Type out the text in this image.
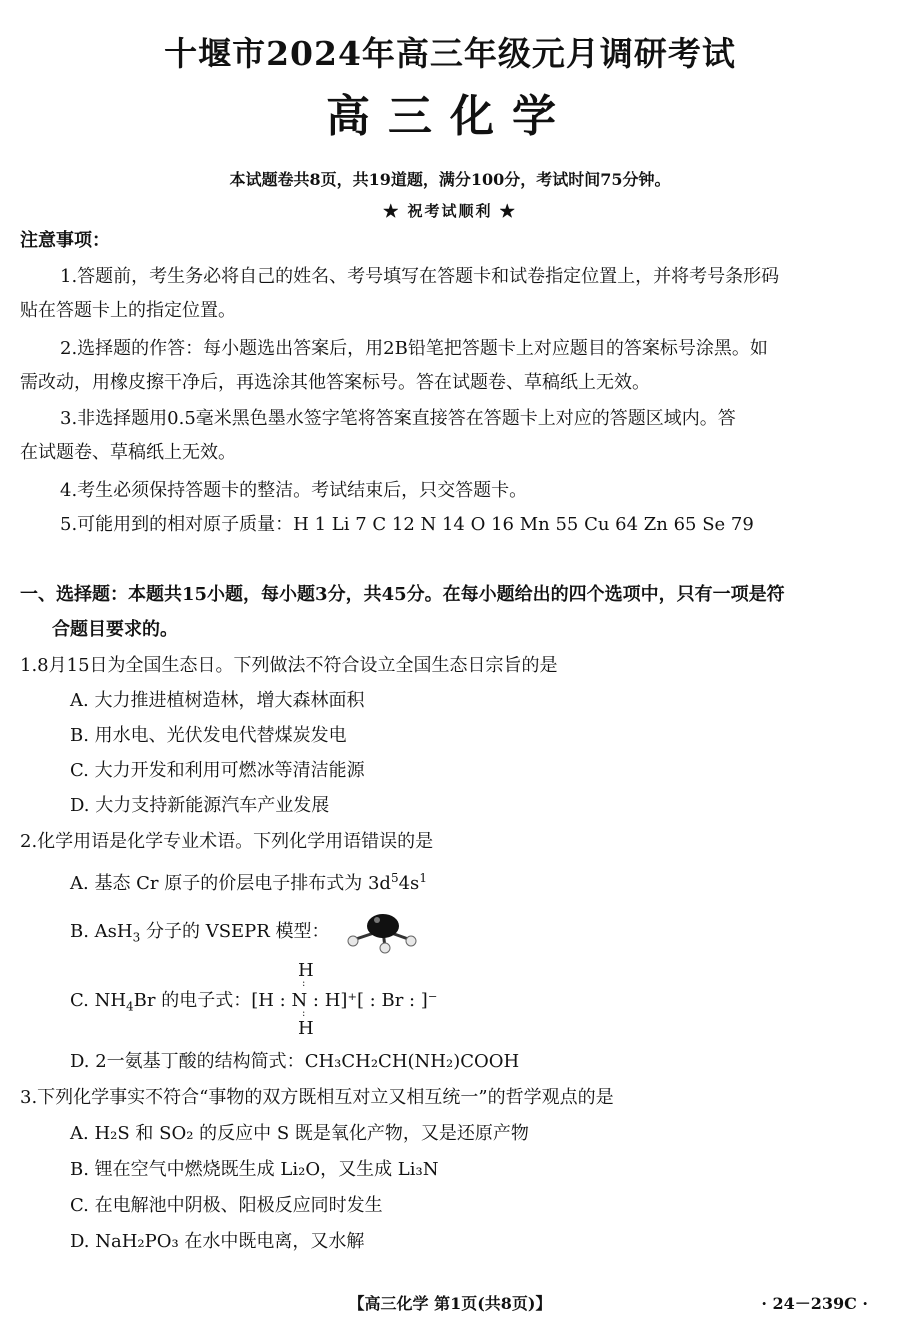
十堰市2024年高三年级元月调研考试
高三化学
本试题卷共8页，共19道题，满分100分，考试时间75分钟。
★ 祝考试顺利 ★
注意事项：
1.答题前，考生务必将自己的姓名、考号填写在答题卡和试卷指定位置上，并将考号条形码
贴在答题卡上的指定位置。
2.选择题的作答：每小题选出答案后，用2B铅笔把答题卡上对应题目的答案标号涂黑。如
需改动，用橡皮擦干净后，再选涂其他答案标号。答在试题卷、草稿纸上无效。
3.非选择题用0.5毫米黑色墨水签字笔将答案直接答在答题卡上对应的答题区域内。答
在试题卷、草稿纸上无效。
4.考生必须保持答题卡的整洁。考试结束后，只交答题卡。
5.可能用到的相对原子质量：H 1 Li 7 C 12 N 14 O 16 Mn 55 Cu 64 Zn 65 Se 79
一、选择题：本题共15小题，每小题3分，共45分。在每小题给出的四个选项中，只有一项是符
合题目要求的。
1.8月15日为全国生态日。下列做法不符合设立全国生态日宗旨的是
A. 大力推进植树造林，增大森林面积
B. 用水电、光伏发电代替煤炭发电
C. 大力开发和利用可燃冰等清洁能源
D. 大力支持新能源汽车产业发展
2.化学用语是化学专业术语。下列化学用语错误的是
A. 基态 Cr 原子的价层电子排布式为 $3d^54s^1$
B. AsH$_3$ 分子的 VSEPR 模型：
H
:
C. $NH_4Br$ 的电子式：[H : N : H]⁺[ : Br : ]⁻
:
H
D. 2一氨基丁酸的结构简式：CH₃CH₂CH(NH₂)COOH
3.下列化学事实不符合“事物的双方既相互对立又相互统一”的哲学观点的是
A. H₂S 和 SO₂ 的反应中 S 既是氧化产物，又是还原产物
B. 锂在空气中燃烧既生成 Li₂O，又生成 Li₃N
C. 在电解池中阴极、阳极反应同时发生
D. NaH₂PO₃ 在水中既电离，又水解
【高三化学 第1页(共8页)】	· 24－239C ·
